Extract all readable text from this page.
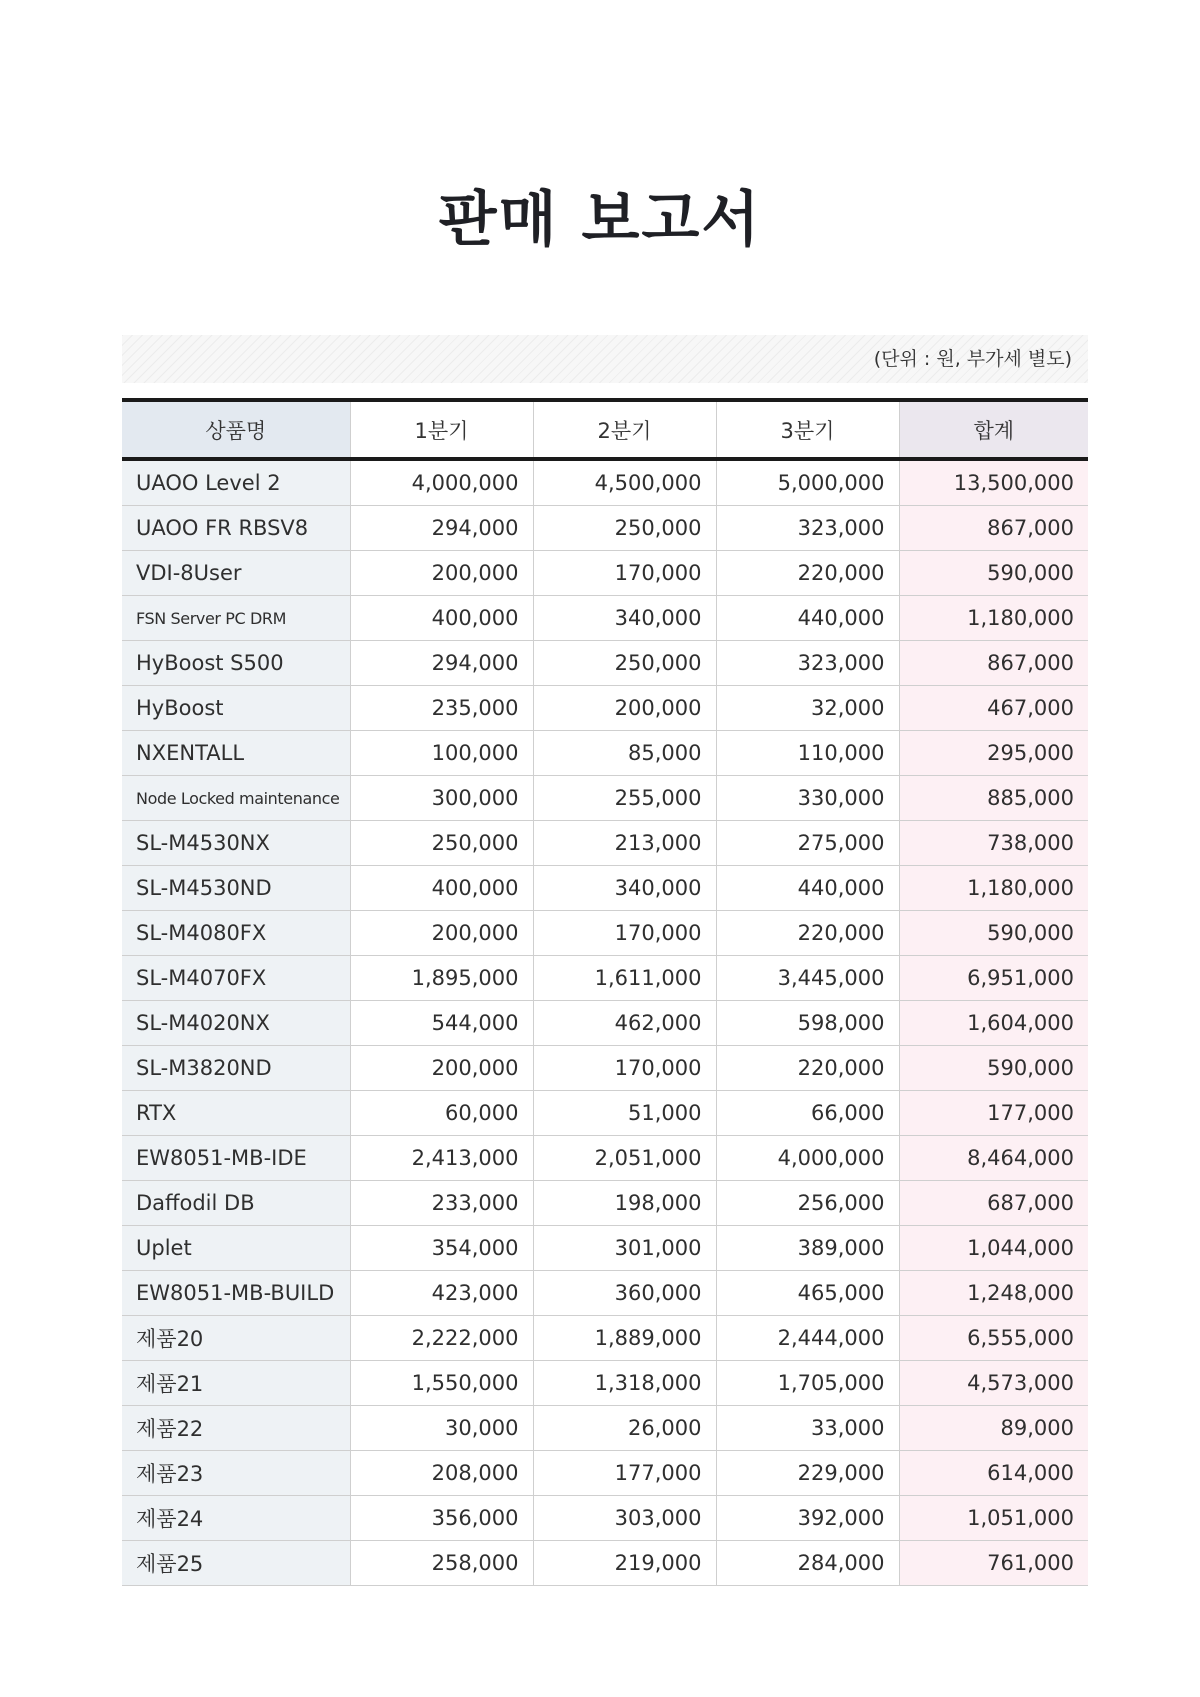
판매 보고서
(단위 : 원, 부가세 별도)
상품명	1분기	2분기	3분기	합계
UAOO Level 2	4,000,000	4,500,000	5,000,000	13,500,000
UAOO FR RBSV8	294,000	250,000	323,000	867,000
VDI-8User	200,000	170,000	220,000	590,000
FSN Server PC DRM	400,000	340,000	440,000	1,180,000
HyBoost S500	294,000	250,000	323,000	867,000
HyBoost	235,000	200,000	32,000	467,000
NXENTALL	100,000	85,000	110,000	295,000
Node Locked maintenance	300,000	255,000	330,000	885,000
SL-M4530NX	250,000	213,000	275,000	738,000
SL-M4530ND	400,000	340,000	440,000	1,180,000
SL-M4080FX	200,000	170,000	220,000	590,000
SL-M4070FX	1,895,000	1,611,000	3,445,000	6,951,000
SL-M4020NX	544,000	462,000	598,000	1,604,000
SL-M3820ND	200,000	170,000	220,000	590,000
RTX	60,000	51,000	66,000	177,000
EW8051-MB-IDE	2,413,000	2,051,000	4,000,000	8,464,000
Daffodil DB	233,000	198,000	256,000	687,000
Uplet	354,000	301,000	389,000	1,044,000
EW8051-MB-BUILD	423,000	360,000	465,000	1,248,000
제품20	2,222,000	1,889,000	2,444,000	6,555,000
제품21	1,550,000	1,318,000	1,705,000	4,573,000
제품22	30,000	26,000	33,000	89,000
제품23	208,000	177,000	229,000	614,000
제품24	356,000	303,000	392,000	1,051,000
제품25	258,000	219,000	284,000	761,000
